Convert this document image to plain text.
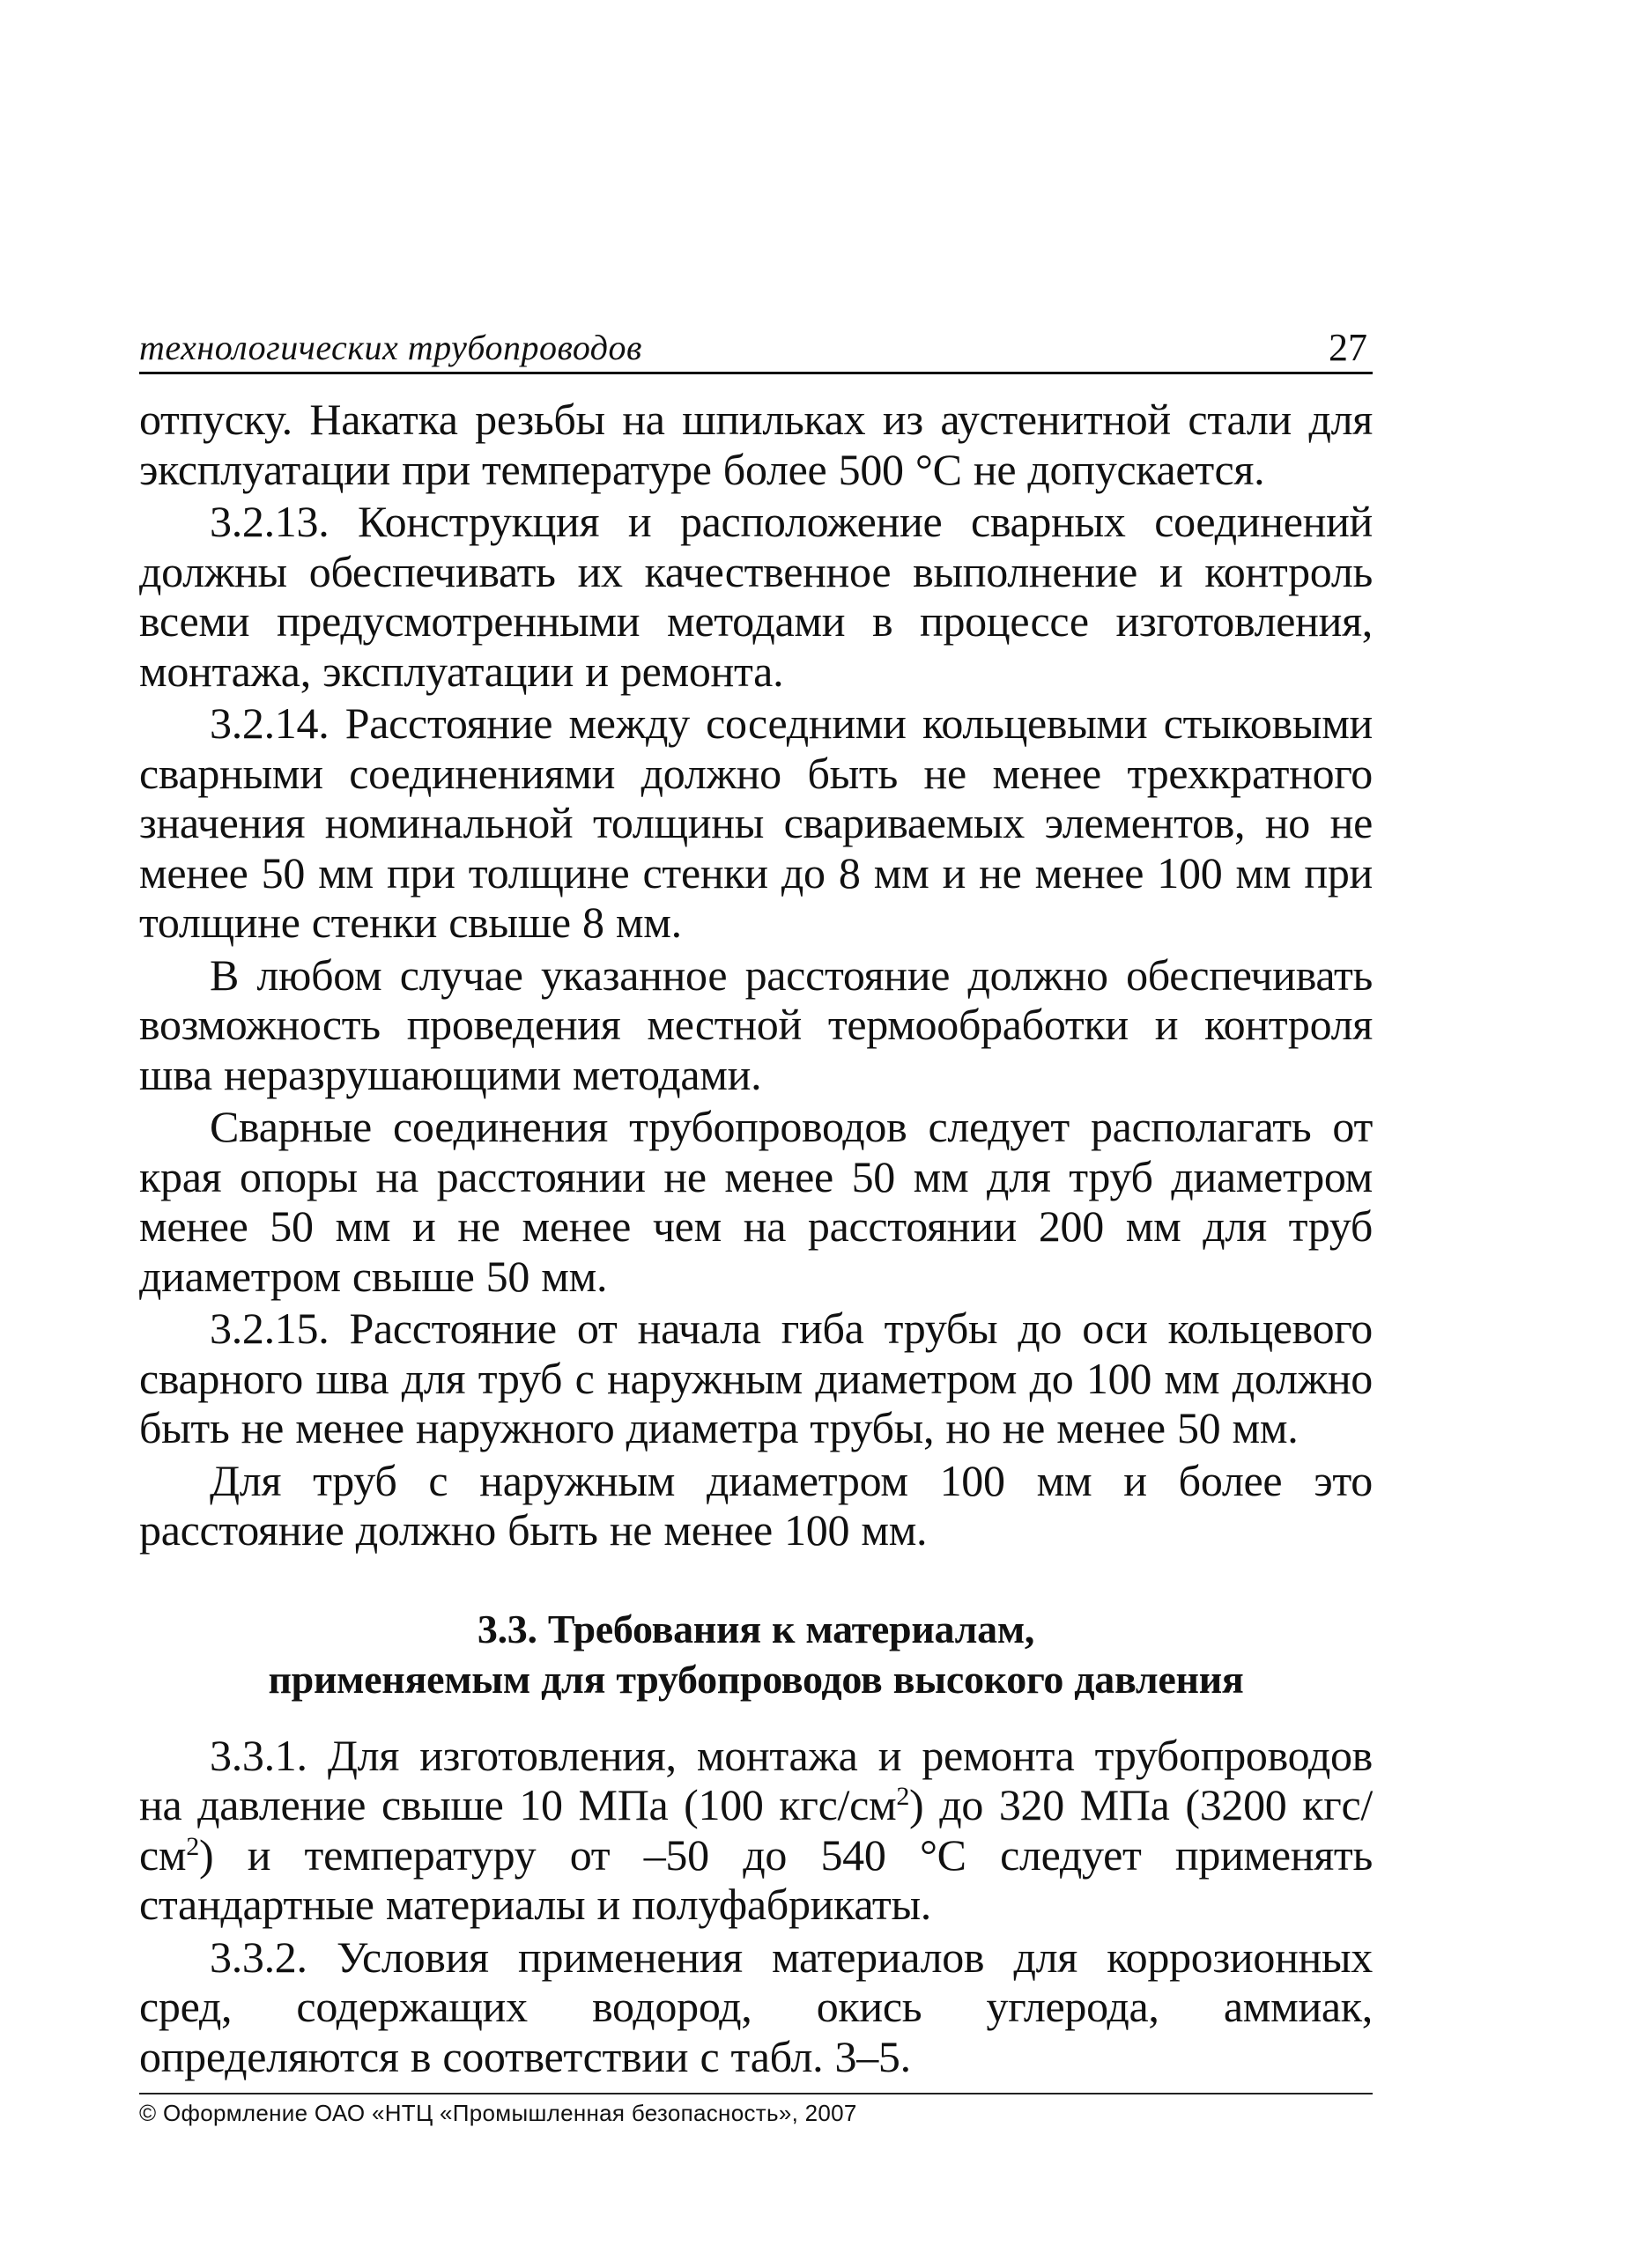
технологических трубопроводов	27

отпуску. Накатка резьбы на шпильках из аустенитной стали для эксплуатации при температуре более 500 °С не допускается.

3.2.13. Конструкция и расположение сварных соединений должны обеспечивать их качественное выполнение и контроль всеми предусмотренными методами в процессе изготовления, монтажа, эксплуатации и ремонта.

3.2.14. Расстояние между соседними кольцевыми стыковыми сварными соединениями должно быть не менее трехкратного значения номинальной толщины свариваемых элементов, но не менее 50 мм при толщине стенки до 8 мм и не менее 100 мм при толщине стенки свыше 8 мм.

В любом случае указанное расстояние должно обеспечивать возможность проведения местной термообработки и контроля шва неразрушающими методами.

Сварные соединения трубопроводов следует располагать от края опоры на расстоянии не менее 50 мм для труб диаметром менее 50 мм и не менее чем на расстоянии 200 мм для труб диаметром свыше 50 мм.

3.2.15. Расстояние от начала гиба трубы до оси кольцевого сварного шва для труб с наружным диаметром до 100 мм должно быть не менее наружного диаметра трубы, но не менее 50 мм.

Для труб с наружным диаметром 100 мм и более это расстояние должно быть не менее 100 мм.

3.3. Требования к материалам,
применяемым для трубопроводов высокого давления

3.3.1. Для изготовления, монтажа и ремонта трубопроводов на давление свыше 10 МПа (100 кгс/$см^2$) до 320 МПа (3200 кгс/$см^2$) и температуру от –50 до 540 °С следует применять стандартные материалы и полуфабрикаты.

3.3.2. Условия применения материалов для коррозионных сред, содержащих водород, окись углерода, аммиак, определяются в соответствии с табл. 3–5.

© Оформление ОАО «НТЦ «Промышленная безопасность», 2007
